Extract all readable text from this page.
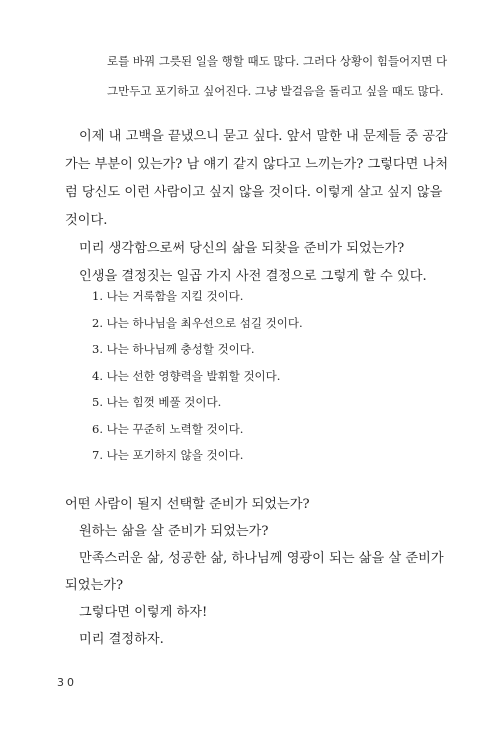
로를 바꿔 그릇된 일을 행할 때도 많다. 그러다 상황이 힘들어지면 다

그만두고 포기하고 싶어진다. 그냥 발걸음을 돌리고 싶을 때도 많다.

이제 내 고백을 끝냈으니 묻고 싶다. 앞서 말한 내 문제들 중 공감 가는 부분이 있는가? 남 얘기 같지 않다고 느끼는가? 그렇다면 나처럼 당신도 이런 사람이고 싶지 않을 것이다. 이렇게 살고 싶지 않을 것이다.

미리 생각함으로써 당신의 삶을 되찾을 준비가 되었는가?

인생을 결정짓는 일곱 가지 사전 결정으로 그렇게 할 수 있다.

1. 나는 거룩함을 지킬 것이다.
2. 나는 하나님을 최우선으로 섬길 것이다.
3. 나는 하나님께 충성할 것이다.
4. 나는 선한 영향력을 발휘할 것이다.
5. 나는 힘껏 베풀 것이다.
6. 나는 꾸준히 노력할 것이다.
7. 나는 포기하지 않을 것이다.

어떤 사람이 될지 선택할 준비가 되었는가?

원하는 삶을 살 준비가 되었는가?

만족스러운 삶, 성공한 삶, 하나님께 영광이 되는 삶을 살 준비가 되었는가?

그렇다면 이렇게 하자!

미리 결정하자.

30
